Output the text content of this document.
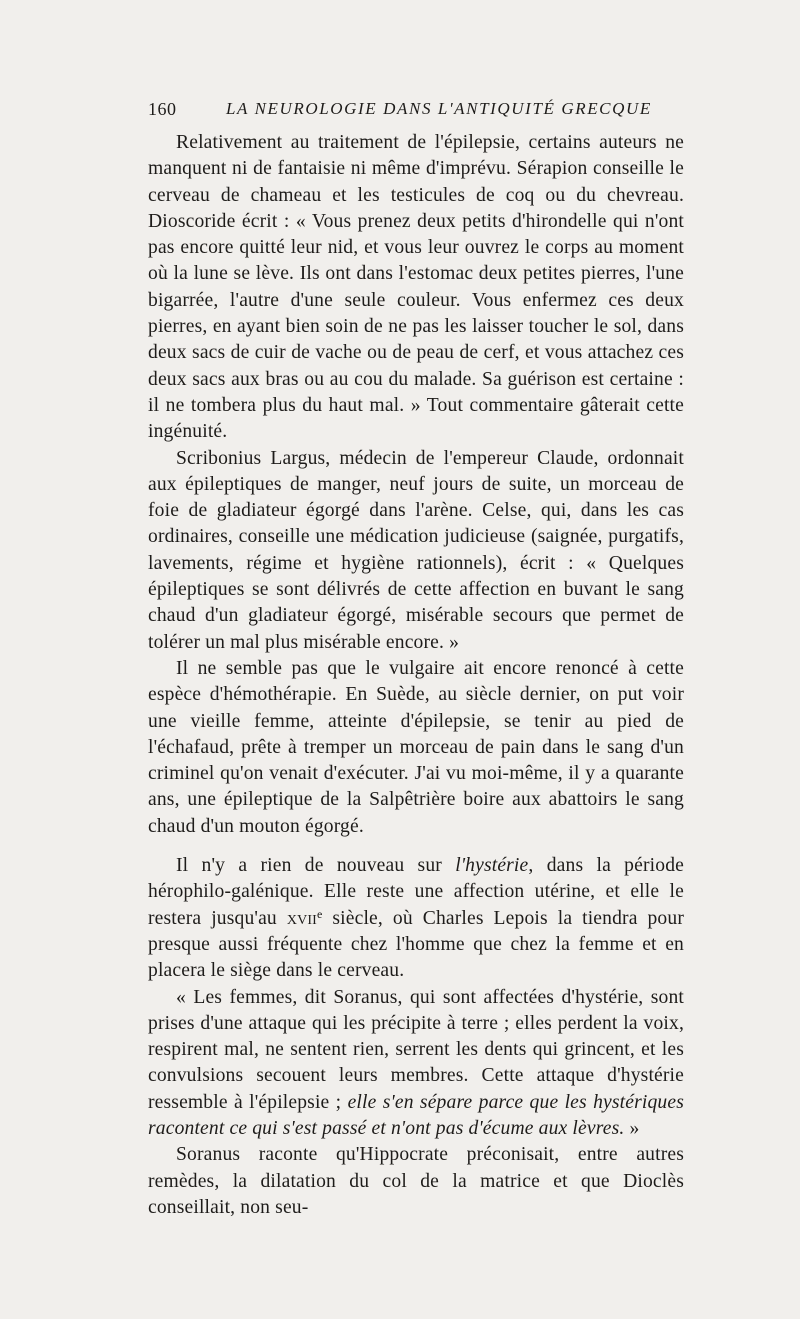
160	LA NEUROLOGIE DANS L'ANTIQUITÉ GRECQUE

Relativement au traitement de l'épilepsie, certains auteurs ne manquent ni de fantaisie ni même d'imprévu. Sérapion conseille le cerveau de chameau et les testicules de coq ou du chevreau. Dioscoride écrit : « Vous prenez deux petits d'hirondelle qui n'ont pas encore quitté leur nid, et vous leur ouvrez le corps au moment où la lune se lève. Ils ont dans l'estomac deux petites pierres, l'une bigarrée, l'autre d'une seule couleur. Vous enfermez ces deux pierres, en ayant bien soin de ne pas les laisser toucher le sol, dans deux sacs de cuir de vache ou de peau de cerf, et vous attachez ces deux sacs aux bras ou au cou du malade. Sa guérison est certaine : il ne tombera plus du haut mal. » Tout commentaire gâterait cette ingénuité.

Scribonius Largus, médecin de l'empereur Claude, ordonnait aux épileptiques de manger, neuf jours de suite, un morceau de foie de gladiateur égorgé dans l'arène. Celse, qui, dans les cas ordinaires, conseille une médication judicieuse (saignée, purgatifs, lavements, régime et hygiène rationnels), écrit : « Quelques épileptiques se sont délivrés de cette affection en buvant le sang chaud d'un gladiateur égorgé, misérable secours que permet de tolérer un mal plus misérable encore. »

Il ne semble pas que le vulgaire ait encore renoncé à cette espèce d'hémothérapie. En Suède, au siècle dernier, on put voir une vieille femme, atteinte d'épilepsie, se tenir au pied de l'échafaud, prête à tremper un morceau de pain dans le sang d'un criminel qu'on venait d'exécuter. J'ai vu moi-même, il y a quarante ans, une épileptique de la Salpêtrière boire aux abattoirs le sang chaud d'un mouton égorgé.

Il n'y a rien de nouveau sur l'hystérie, dans la période hérophilo-galénique. Elle reste une affection utérine, et elle le restera jusqu'au xvii$^e$ siècle, où Charles Lepois la tiendra pour presque aussi fréquente chez l'homme que chez la femme et en placera le siège dans le cerveau.

« Les femmes, dit Soranus, qui sont affectées d'hystérie, sont prises d'une attaque qui les précipite à terre ; elles perdent la voix, respirent mal, ne sentent rien, serrent les dents qui grincent, et les convulsions secouent leurs membres. Cette attaque d'hystérie ressemble à l'épilepsie ; elle s'en sépare parce que les hystériques racontent ce qui s'est passé et n'ont pas d'écume aux lèvres. »

Soranus raconte qu'Hippocrate préconisait, entre autres remèdes, la dilatation du col de la matrice et que Dioclès conseillait, non seu-
